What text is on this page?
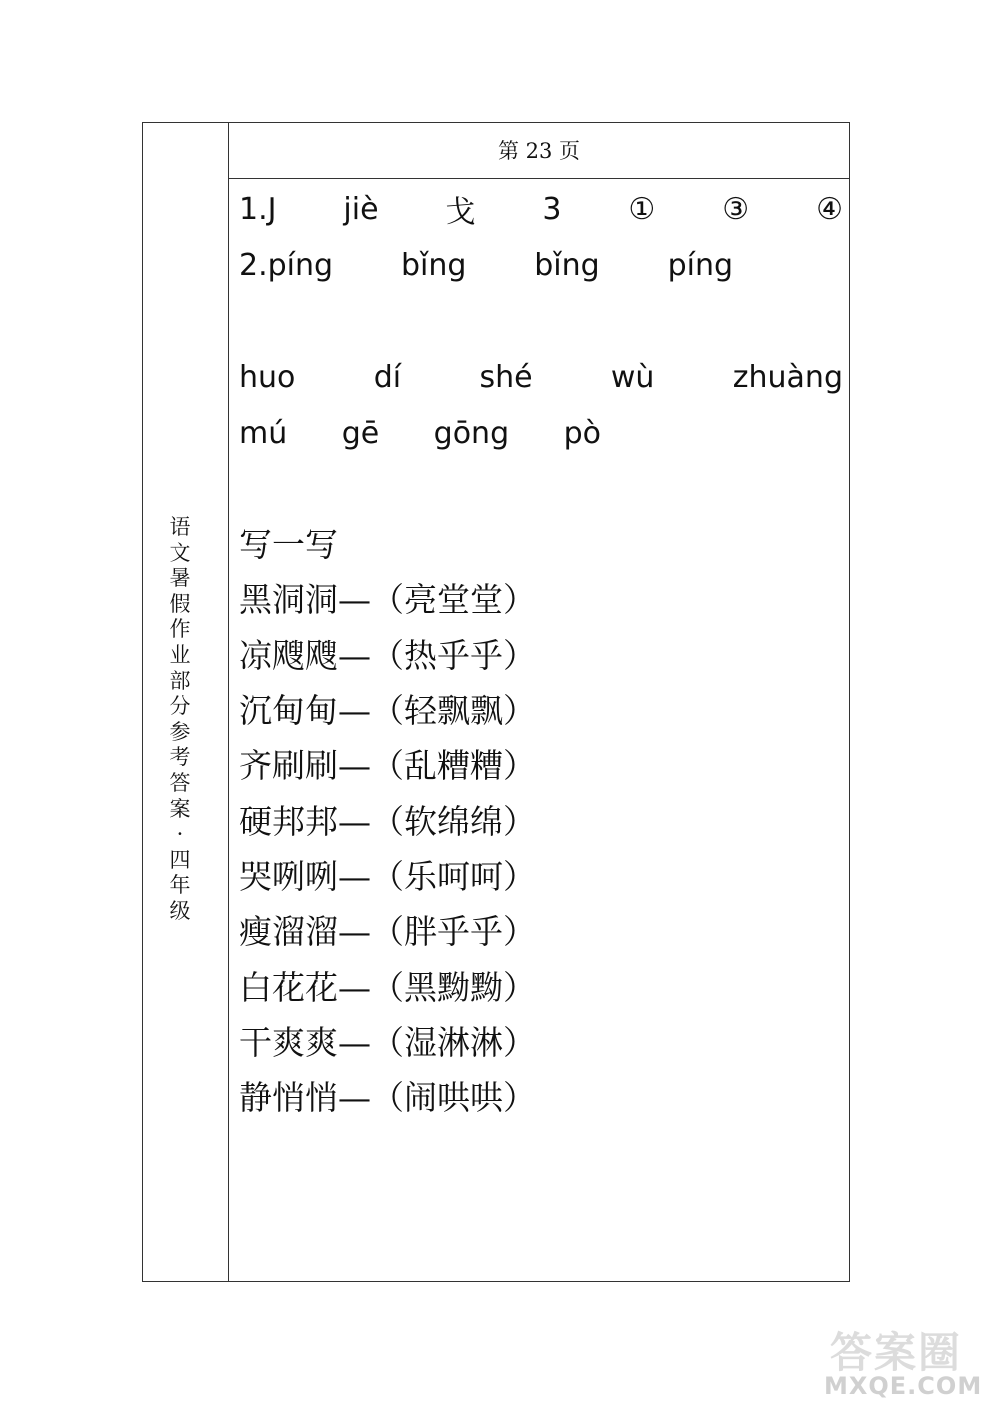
语
文
暑
假
作
业
部
分
参
考
答
案
·
四
年
级
第 23 页
1.J jiè 戈 3 ① ③ ④
2.píng bǐng bǐng píng
huo	dí	shé	wù	zhuàng
mú gē gōng pò
写一写
黑洞洞—（亮堂堂）
凉飕飕—（热乎乎）
沉甸甸—（轻飘飘）
齐刷刷—（乱糟糟）
硬邦邦—（软绵绵）
哭咧咧—（乐呵呵）
瘦溜溜—（胖乎乎）
白花花—（黑黝黝）
干爽爽—（湿淋淋）
静悄悄—（闹哄哄）
答案圈
MXQE.COM
